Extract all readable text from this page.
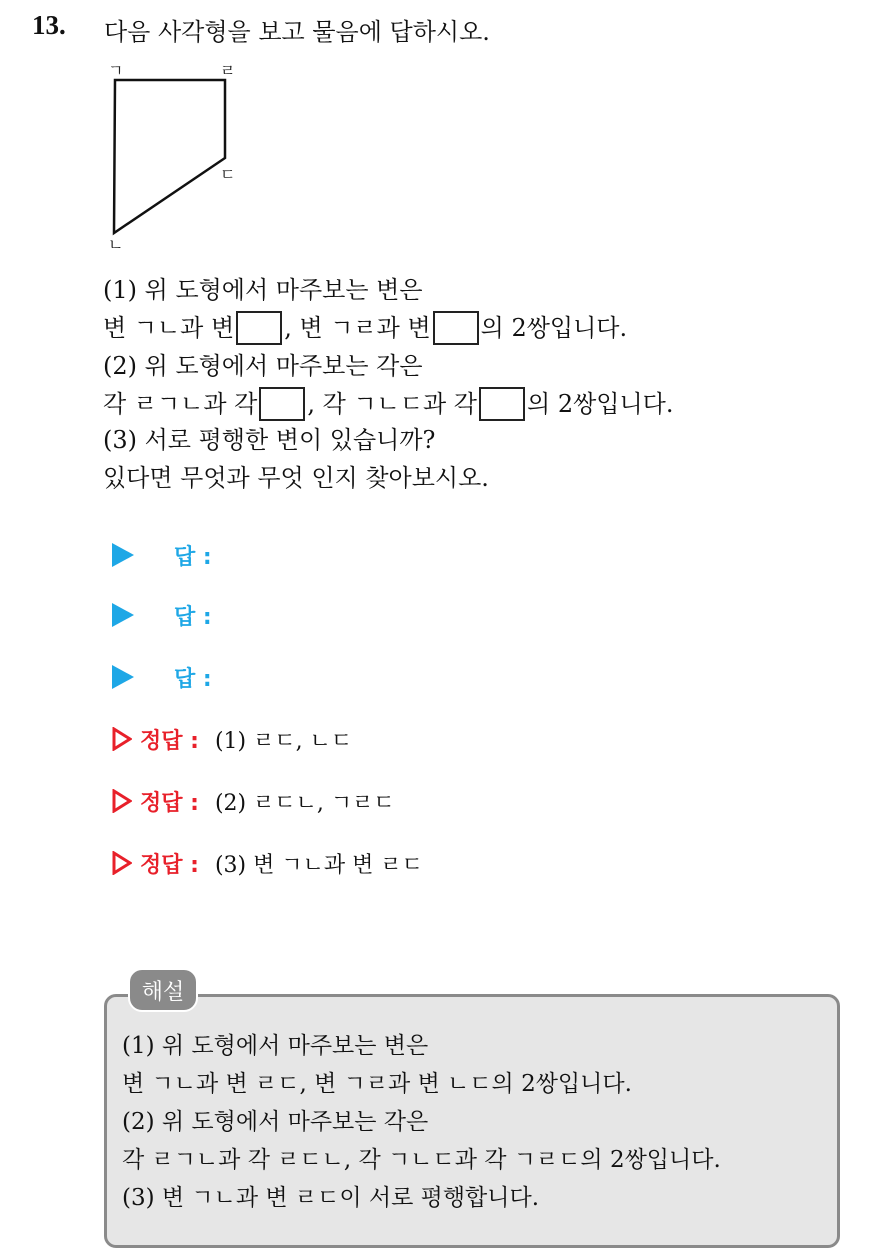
13. 다음 사각형을 보고 물음에 답하시오.
ㄱ	ㄹ
ㄷ
ㄴ
(1) 위 도형에서 마주보는 변은
변 ㄱㄴ과 변 , 변 ㄱㄹ과 변 의 2쌍입니다.
(2) 위 도형에서 마주보는 각은
각 ㄹㄱㄴ과 각 , 각 ㄱㄴㄷ과 각 의 2쌍입니다.
(3) 서로 평행한 변이 있습니까?
있다면 무엇과 무엇 인지 찾아보시오.
답 :
답 :
답 :
정답 : (1) ㄹㄷ, ㄴㄷ
정답 : (2) ㄹㄷㄴ, ㄱㄹㄷ
정답 : (3) 변 ㄱㄴ과 변 ㄹㄷ
해설
(1) 위 도형에서 마주보는 변은
변 ㄱㄴ과 변 ㄹㄷ, 변 ㄱㄹ과 변 ㄴㄷ의 2쌍입니다.
(2) 위 도형에서 마주보는 각은
각 ㄹㄱㄴ과 각 ㄹㄷㄴ, 각 ㄱㄴㄷ과 각 ㄱㄹㄷ의 2쌍입니다.
(3) 변 ㄱㄴ과 변 ㄹㄷ이 서로 평행합니다.
